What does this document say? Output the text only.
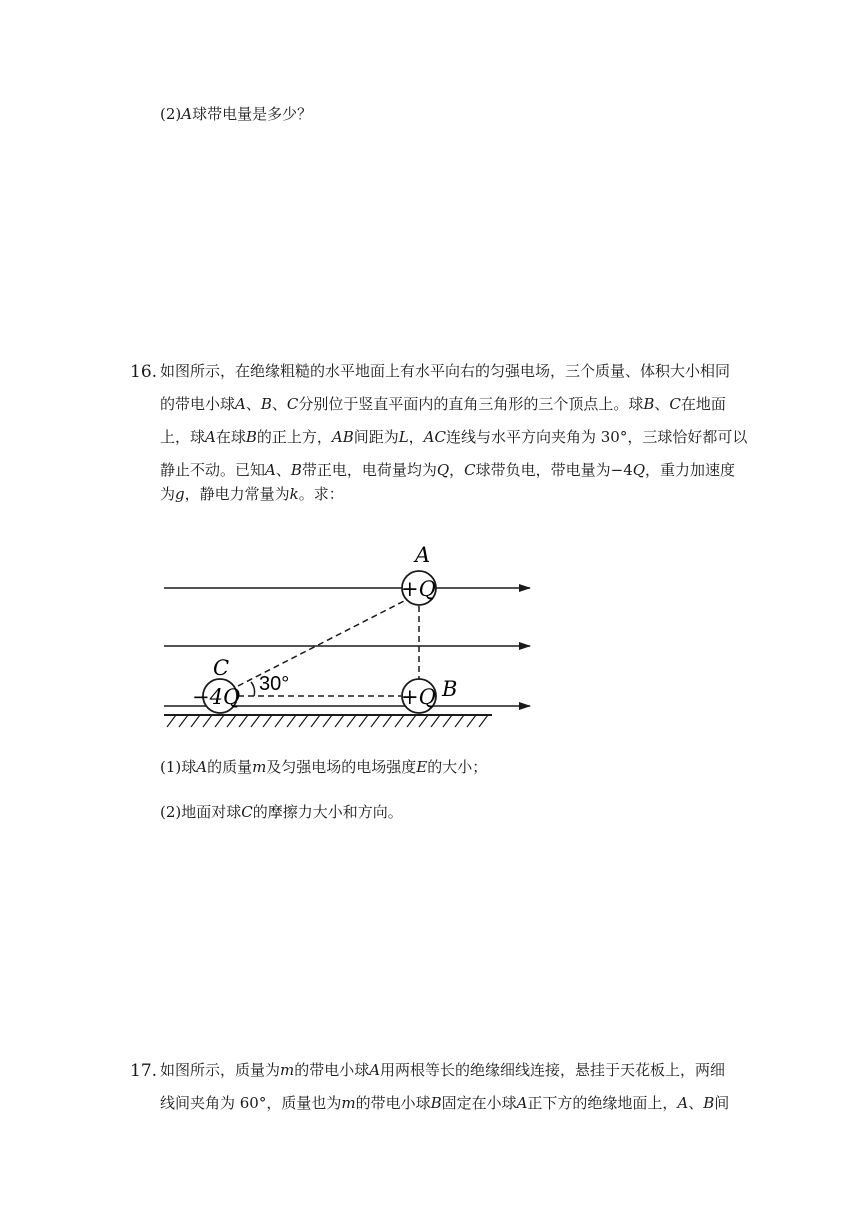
(2)𝐴球带电量是多少？
16. 如图所示，在绝缘粗糙的水平地面上有水平向右的匀强电场，三个质量、体积大小相同
的带电小球𝐴、𝐵、𝐶分别位于竖直平面内的直角三角形的三个顶点上。球𝐵、𝐶在地面
上，球𝐴在球𝐵的正上方，𝐴𝐵间距为𝐿，𝐴𝐶连线与水平方向夹角为 30°，三球恰好都可以
静止不动。已知𝐴、𝐵带正电，电荷量均为𝑄，𝐶球带负电，带电量为−4𝑄，重力加速度
为𝑔，静电力常量为𝑘。求：
A
+Q
B
+Q
C
−4Q
30°
(1)球𝐴的质量𝑚及匀强电场的电场强度𝐸的大小；
(2)地面对球𝐶的摩擦力大小和方向。
17. 如图所示，质量为𝑚的带电小球𝐴用两根等长的绝缘细线连接，悬挂于天花板上，两细
线间夹角为 60°，质量也为𝑚的带电小球𝐵固定在小球𝐴正下方的绝缘地面上，𝐴、𝐵间
